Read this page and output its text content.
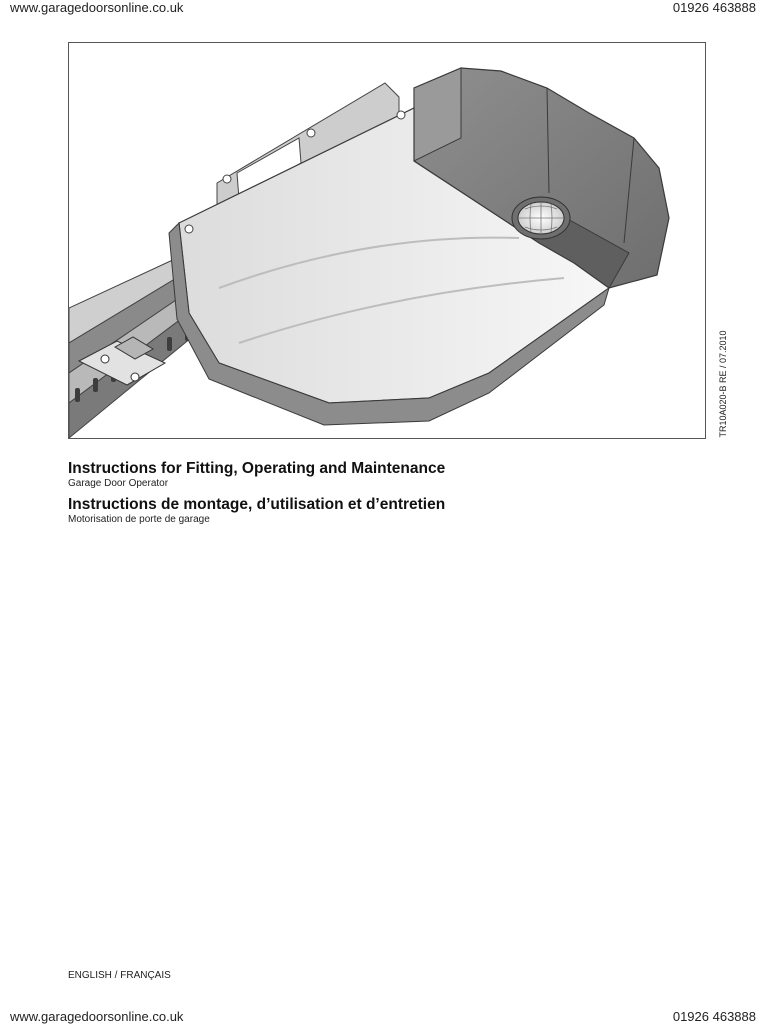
www.garagedoorsonline.co.uk	01926 463888
TR10A020-B RE / 07.2010
Instructions for Fitting, Operating and Maintenance
Garage Door Operator
Instructions de montage, d’utilisation et d’entretien
Motorisation de porte de garage
ENGLISH / FRANÇAIS
www.garagedoorsonline.co.uk	01926 463888
